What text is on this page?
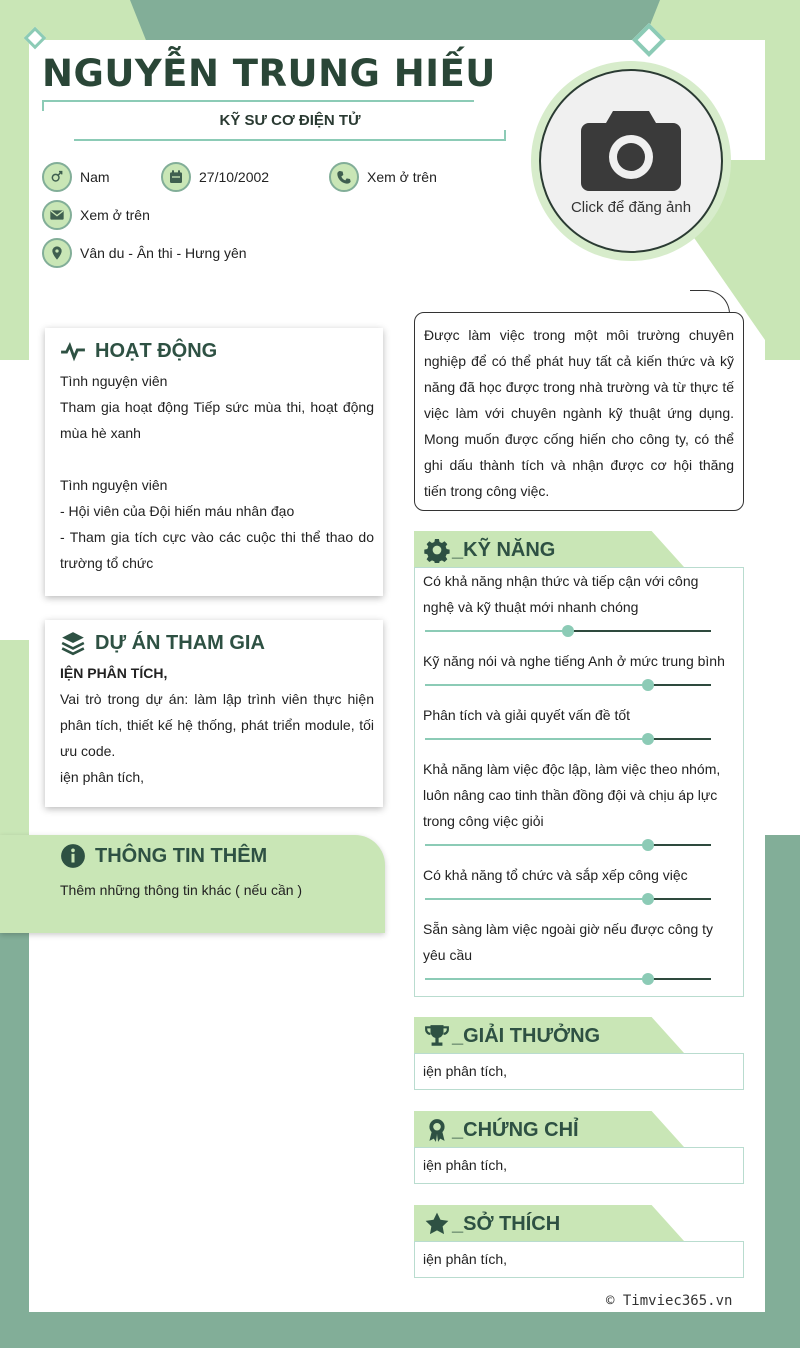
NGUYỄN TRUNG HIẾU
KỸ SƯ CƠ ĐIỆN TỬ
Nam	27/10/2002	Xem ở trên
Xem ở trên
Vân du - Ân thi - Hưng yên
Click để đăng ảnh
Được làm việc trong một môi trường chuyên nghiệp để có thể phát huy tất cả kiến thức và kỹ năng đã học được trong nhà trường và từ thực tế việc làm với chuyên ngành kỹ thuật ứng dụng. Mong muốn được cống hiến cho công ty, có thể ghi dấu thành tích và nhận được cơ hội thăng tiến trong công việc.
HOẠT ĐỘNG
Tình nguyện viên
Tham gia hoạt động Tiếp sức mùa thi, hoạt động mùa hè xanh
Tình nguyện viên
- Hội viên của Đội hiến máu nhân đạo
- Tham gia tích cực vào các cuộc thi thể thao do trường tổ chức
DỰ ÁN THAM GIA
IỆN PHÂN TÍCH,
Vai trò trong dự án: làm lập trình viên thực hiện phân tích, thiết kế hệ thống, phát triển module, tối ưu code.
iện phân tích,
THÔNG TIN THÊM
Thêm những thông tin khác ( nếu cần )
_KỸ NĂNG
Có khả năng nhận thức và tiếp cận với công nghệ và kỹ thuật mới nhanh chóng
Kỹ năng nói và nghe tiếng Anh ở mức trung bình
Phân tích và giải quyết vấn đề tốt
Khả năng làm việc độc lập, làm việc theo nhóm, luôn nâng cao tinh thần đồng đội và chịu áp lực trong công việc giỏi
Có khả năng tổ chức và sắp xếp công việc
Sẵn sàng làm việc ngoài giờ nếu được công ty yêu cầu
_GIẢI THƯỞNG
iện phân tích,
_CHỨNG CHỈ
iện phân tích,
_SỞ THÍCH
iện phân tích,
© Timviec365.vn
